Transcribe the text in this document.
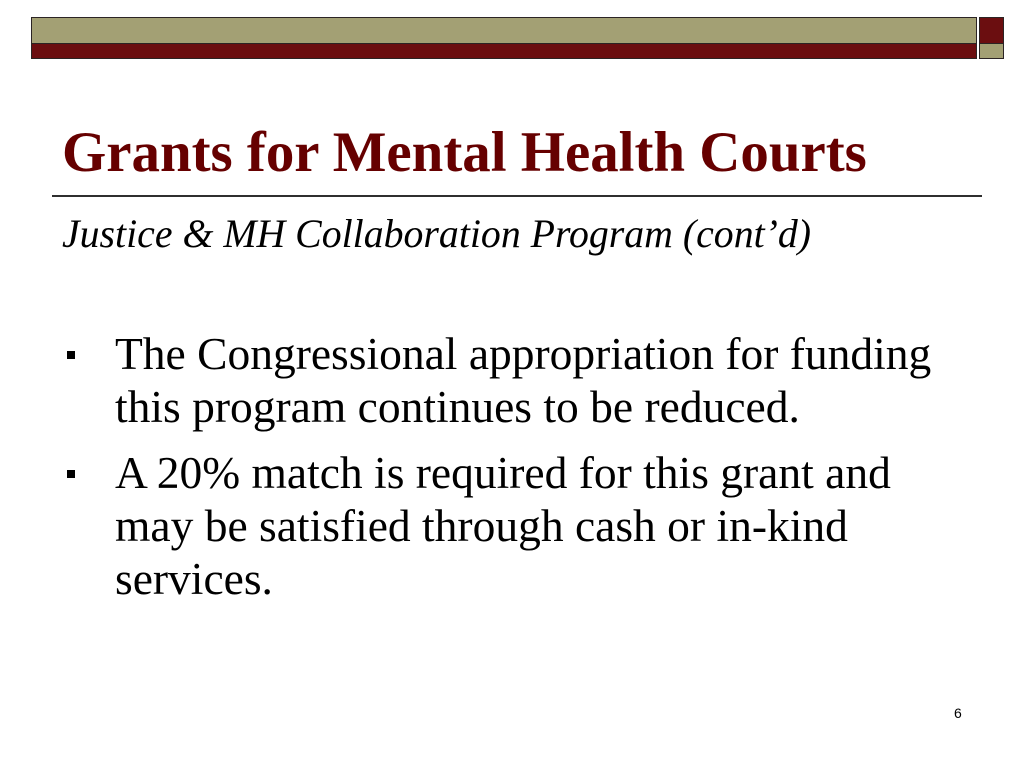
Grants for Mental Health Courts
Justice & MH Collaboration Program (cont’d)
The Congressional appropriation for funding
this program continues to be reduced.
A 20% match is required for this grant and
may be satisfied through cash or in-kind
services.
6
